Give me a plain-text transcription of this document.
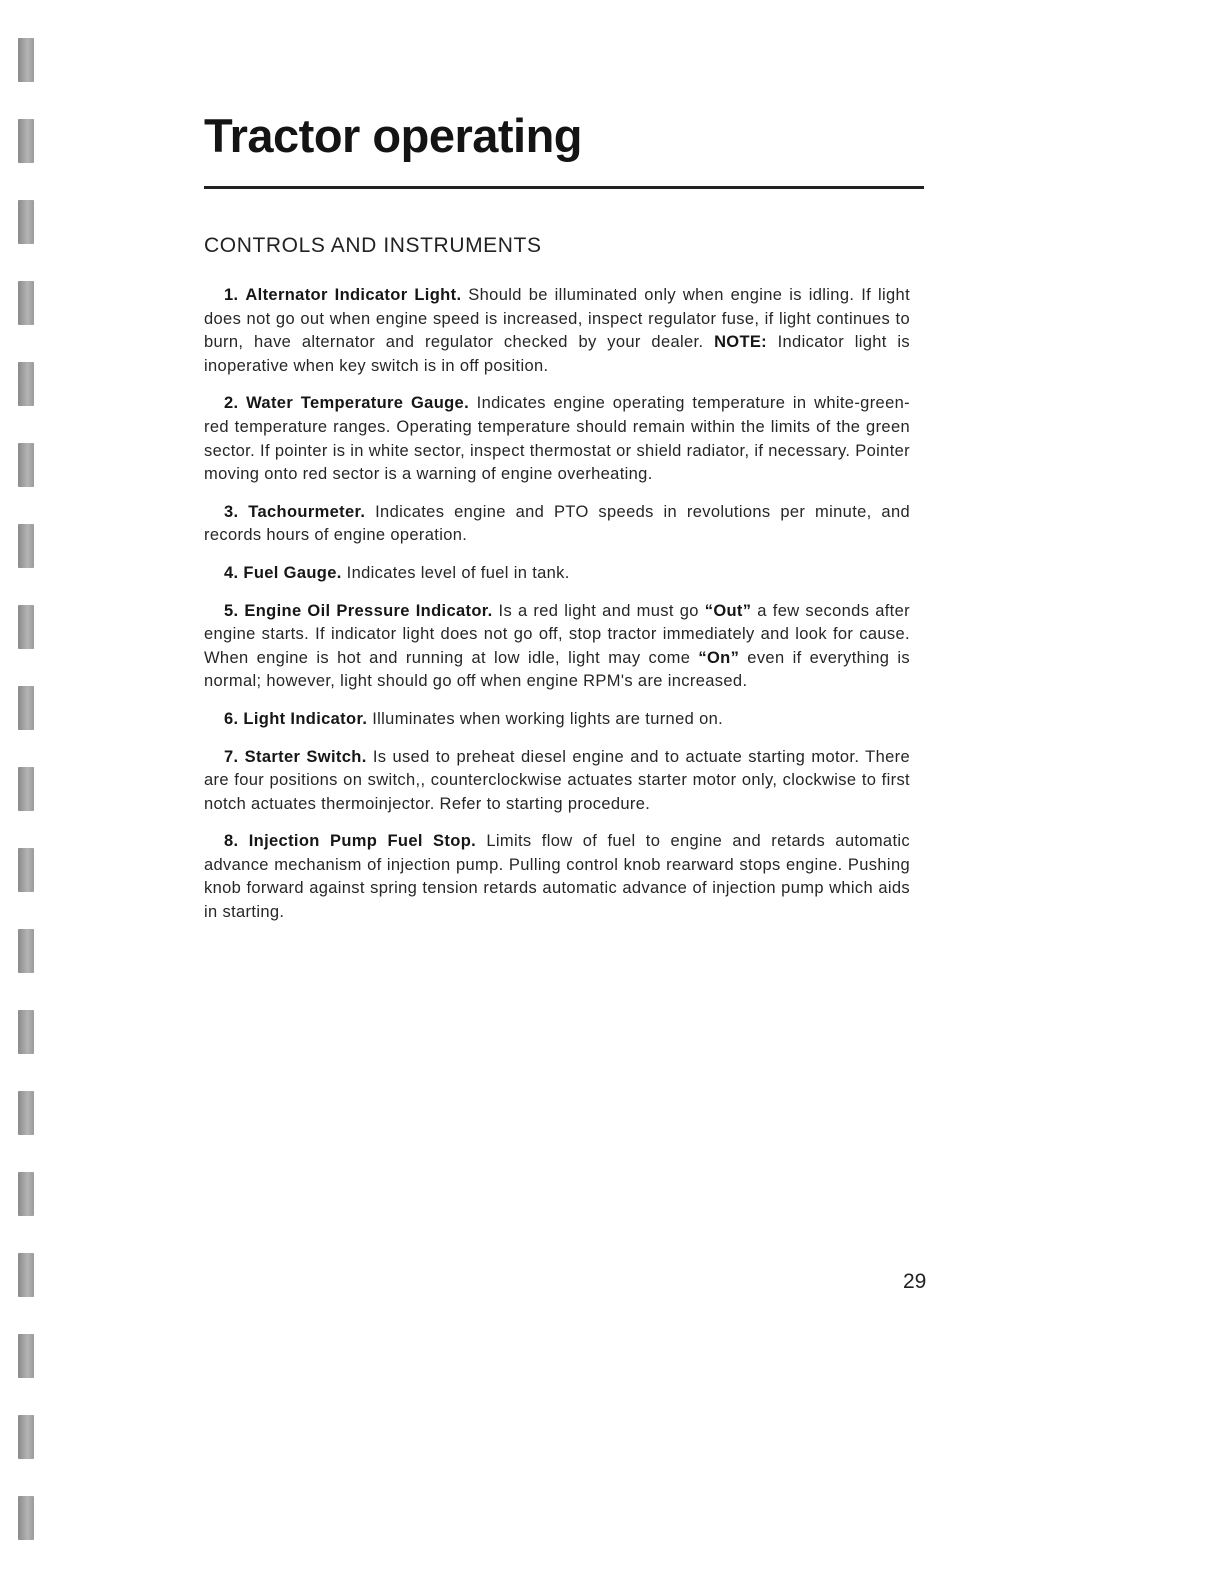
Tractor operating
CONTROLS AND INSTRUMENTS

1. Alternator Indicator Light. Should be illuminated only when engine is idling. If light does not go out when engine speed is increased, inspect regulator fuse, if light continues to burn, have alternator and regulator checked by your dealer. NOTE: Indicator light is inoperative when key switch is in off position.

2. Water Temperature Gauge. Indicates engine operating temperature in white-green-red temperature ranges. Operating temperature should remain within the limits of the green sector. If pointer is in white sector, inspect thermostat or shield radiator, if necessary. Pointer moving onto red sector is a warning of engine overheating.

3. Tachourmeter. Indicates engine and PTO speeds in revolutions per minute, and records hours of engine operation.

4. Fuel Gauge. Indicates level of fuel in tank.

5. Engine Oil Pressure Indicator. Is a red light and must go “Out” a few seconds after engine starts. If indicator light does not go off, stop tractor immediately and look for cause. When engine is hot and running at low idle, light may come “On” even if everything is normal; however, light should go off when engine RPM's are increased.

6. Light Indicator. Illuminates when working lights are turned on.

7. Starter Switch. Is used to preheat diesel engine and to actuate starting motor. There are four positions on switch,, counterclockwise actuates starter motor only, clockwise to first notch actuates thermoinjector. Refer to starting procedure.

8. Injection Pump Fuel Stop. Limits flow of fuel to engine and retards automatic advance mechanism of injection pump. Pulling control knob rearward stops engine. Pushing knob forward against spring tension retards automatic advance of injection pump which aids in starting.

29
